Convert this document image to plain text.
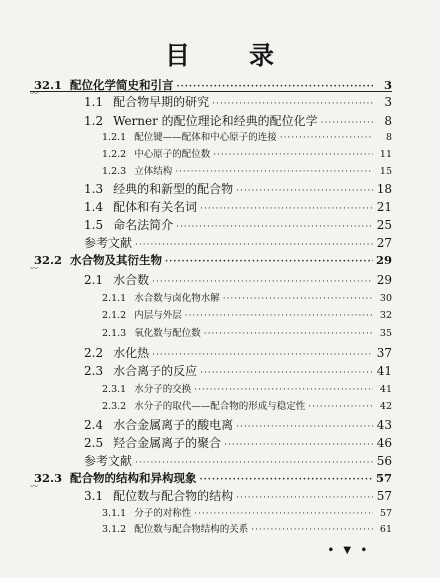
目 录
32.1 配位化学简史和引言 ·····	3
〰
1.1 配合物早期的研究 ·····	3
1.2 Werner 的配位理论和经典的配位化学 ·····	8
1.2.1 配位键——配体和中心原子的连接 ·····	8
1.2.2 中心原子的配位数 ·····	11
1.2.3 立体结构 ·····	15
1.3 经典的和新型的配合物 ·····	18
1.4 配体和有关名词 ·····	21
1.5 命名法简介 ·····	25
参考文献 ·····	27
32.2 水合物及其衍生物 ·····	29
〰
2.1 水合数 ·····	29
2.1.1 水合数与卤化物水解 ·····	30
2.1.2 内层与外层 ·····	32
2.1.3 氧化数与配位数 ·····	35
2.2 水化热 ·····	37
2.3 水合离子的反应 ·····	41
2.3.1 水分子的交换 ·····	41
2.3.2 水分子的取代——配合物的形成与稳定性 ·····	42
2.4 水合金属离子的酸电离 ·····	43
2.5 羟合金属离子的聚合 ·····	46
参考文献 ·····	56
32.3 配合物的结构和异构现象 ·····	57
〰
3.1 配位数与配合物的结构 ·····	57
3.1.1 分子的对称性 ·····	57
3.1.2 配位数与配合物结构的关系 ·····	61
• ▼ •
